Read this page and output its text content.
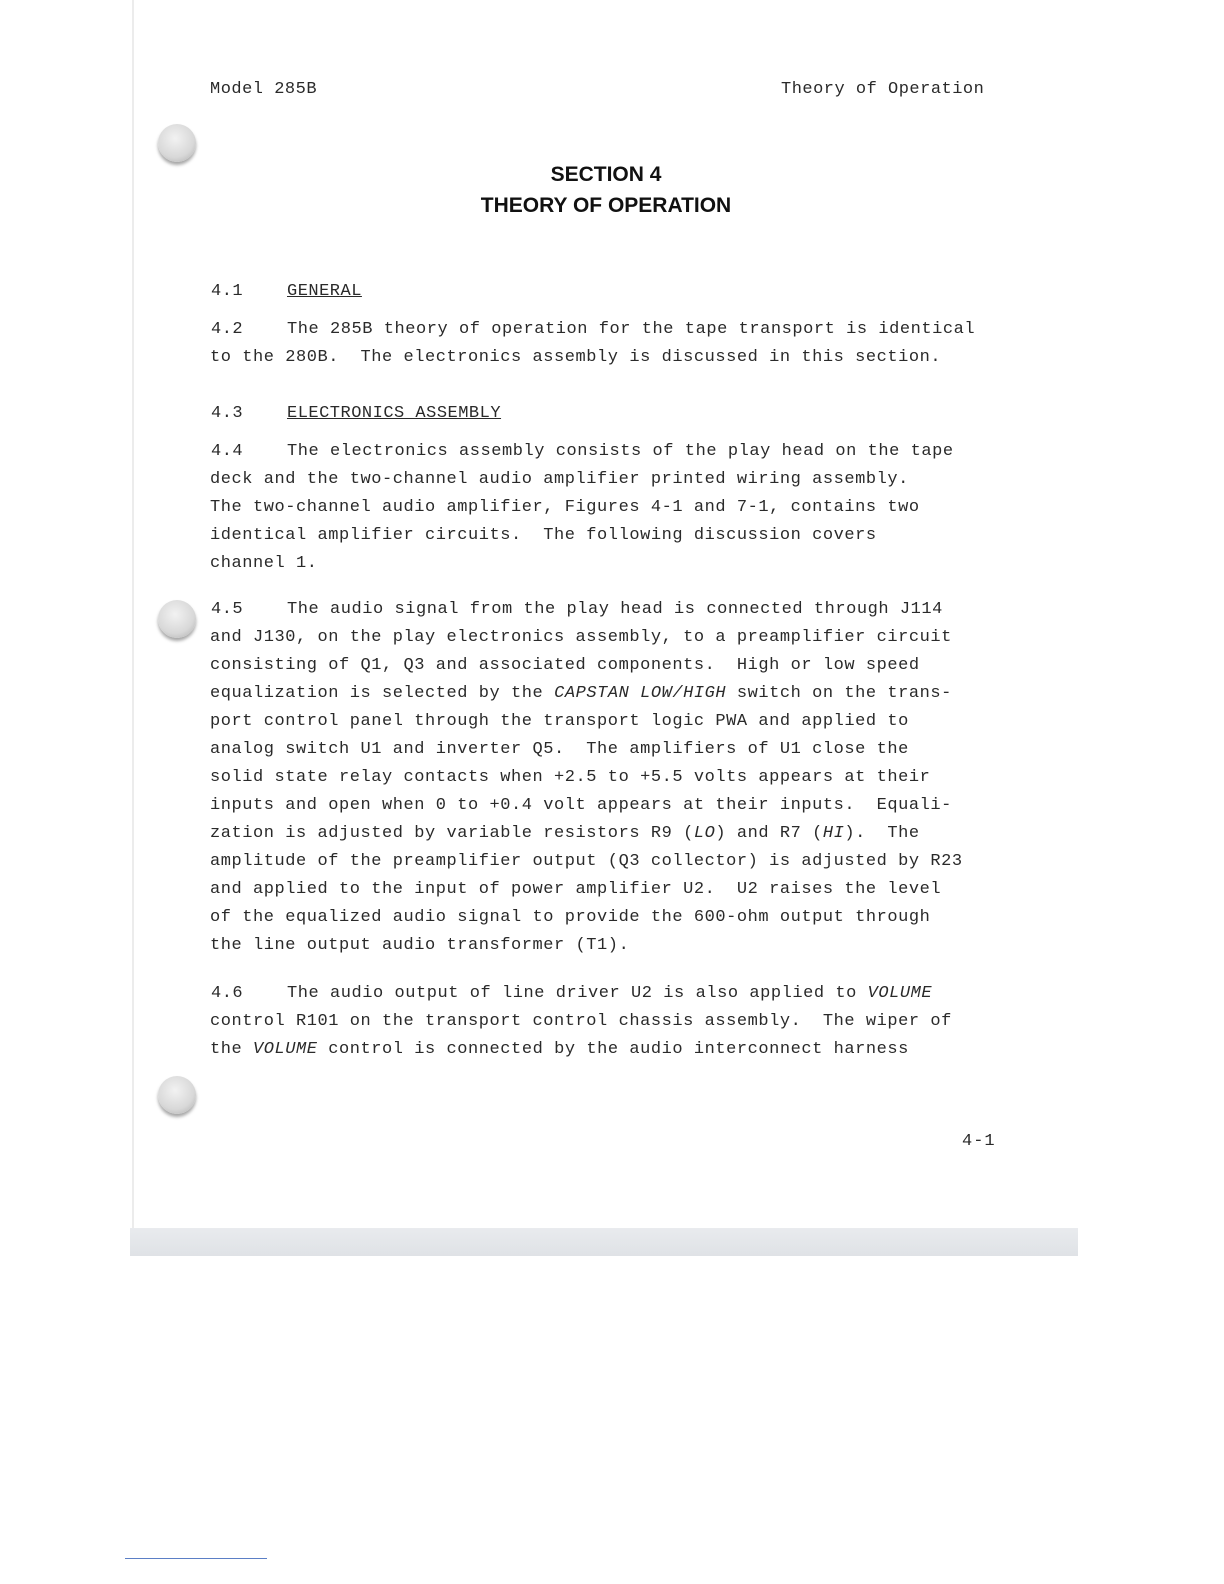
Model 285B	Theory of Operation
SECTION 4
THEORY OF OPERATION
4.1	GENERAL
4.2	The 285B theory of operation for the tape transport is identical
to the 280B.  The electronics assembly is discussed in this section.
4.3	ELECTRONICS ASSEMBLY
4.4	The electronics assembly consists of the play head on the tape
deck and the two-channel audio amplifier printed wiring assembly.
The two-channel audio amplifier, Figures 4-1 and 7-1, contains two
identical amplifier circuits.  The following discussion covers
channel 1.
4.5	The audio signal from the play head is connected through J114
and J130, on the play electronics assembly, to a preamplifier circuit
consisting of Q1, Q3 and associated components.  High or low speed
equalization is selected by the CAPSTAN LOW/HIGH switch on the trans-
port control panel through the transport logic PWA and applied to
analog switch U1 and inverter Q5.  The amplifiers of U1 close the
solid state relay contacts when +2.5 to +5.5 volts appears at their
inputs and open when 0 to +0.4 volt appears at their inputs.  Equali-
zation is adjusted by variable resistors R9 (LO) and R7 (HI).  The
amplitude of the preamplifier output (Q3 collector) is adjusted by R23
and applied to the input of power amplifier U2.  U2 raises the level
of the equalized audio signal to provide the 600-ohm output through
the line output audio transformer (T1).
4.6	The audio output of line driver U2 is also applied to VOLUME
control R101 on the transport control chassis assembly.  The wiper of
the VOLUME control is connected by the audio interconnect harness
4-1
